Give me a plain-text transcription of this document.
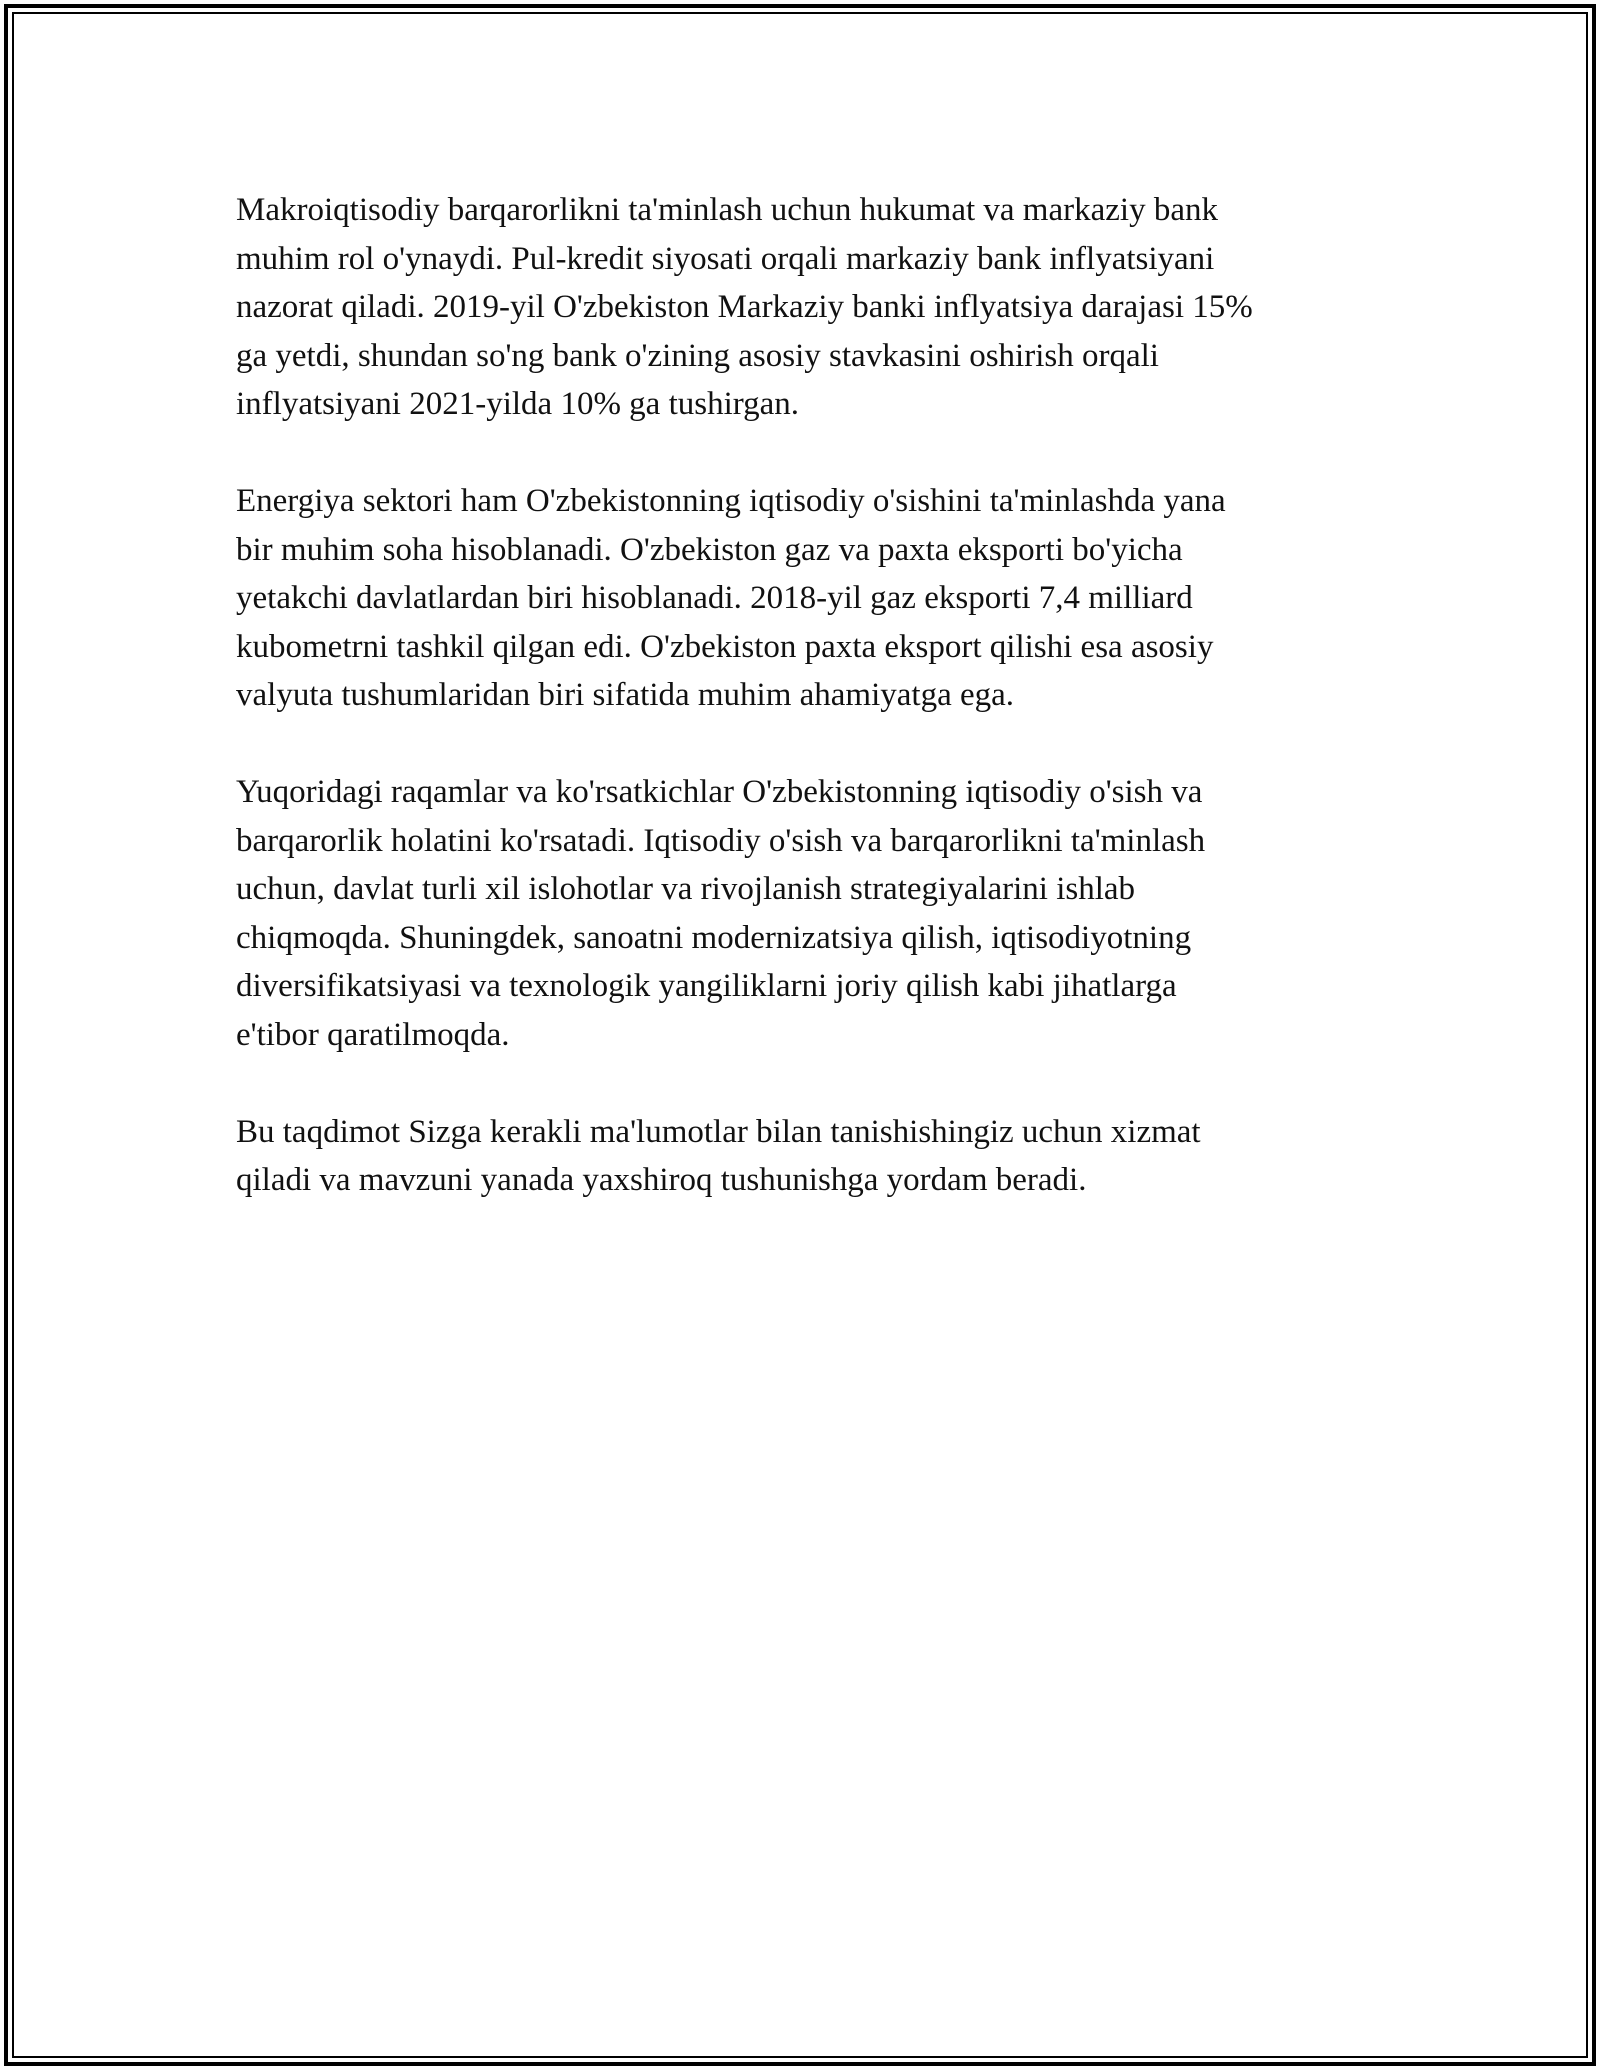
Makroiqtisodiy barqarorlikni ta'minlash uchun hukumat va markaziy bank
muhim rol o'ynaydi. Pul-kredit siyosati orqali markaziy bank inflyatsiyani
nazorat qiladi. 2019-yil O'zbekiston Markaziy banki inflyatsiya darajasi 15%
ga yetdi, shundan so'ng bank o'zining asosiy stavkasini oshirish orqali
inflyatsiyani 2021-yilda 10% ga tushirgan.

Energiya sektori ham O'zbekistonning iqtisodiy o'sishini ta'minlashda yana
bir muhim soha hisoblanadi. O'zbekiston gaz va paxta eksporti bo'yicha
yetakchi davlatlardan biri hisoblanadi. 2018-yil gaz eksporti 7,4 milliard
kubometrni tashkil qilgan edi. O'zbekiston paxta eksport qilishi esa asosiy
valyuta tushumlaridan biri sifatida muhim ahamiyatga ega.

Yuqoridagi raqamlar va ko'rsatkichlar O'zbekistonning iqtisodiy o'sish va
barqarorlik holatini ko'rsatadi. Iqtisodiy o'sish va barqarorlikni ta'minlash
uchun, davlat turli xil islohotlar va rivojlanish strategiyalarini ishlab
chiqmoqda. Shuningdek, sanoatni modernizatsiya qilish, iqtisodiyotning
diversifikatsiyasi va texnologik yangiliklarni joriy qilish kabi jihatlarga
e'tibor qaratilmoqda.

Bu taqdimot Sizga kerakli ma'lumotlar bilan tanishishingiz uchun xizmat
qiladi va mavzuni yanada yaxshiroq tushunishga yordam beradi.
